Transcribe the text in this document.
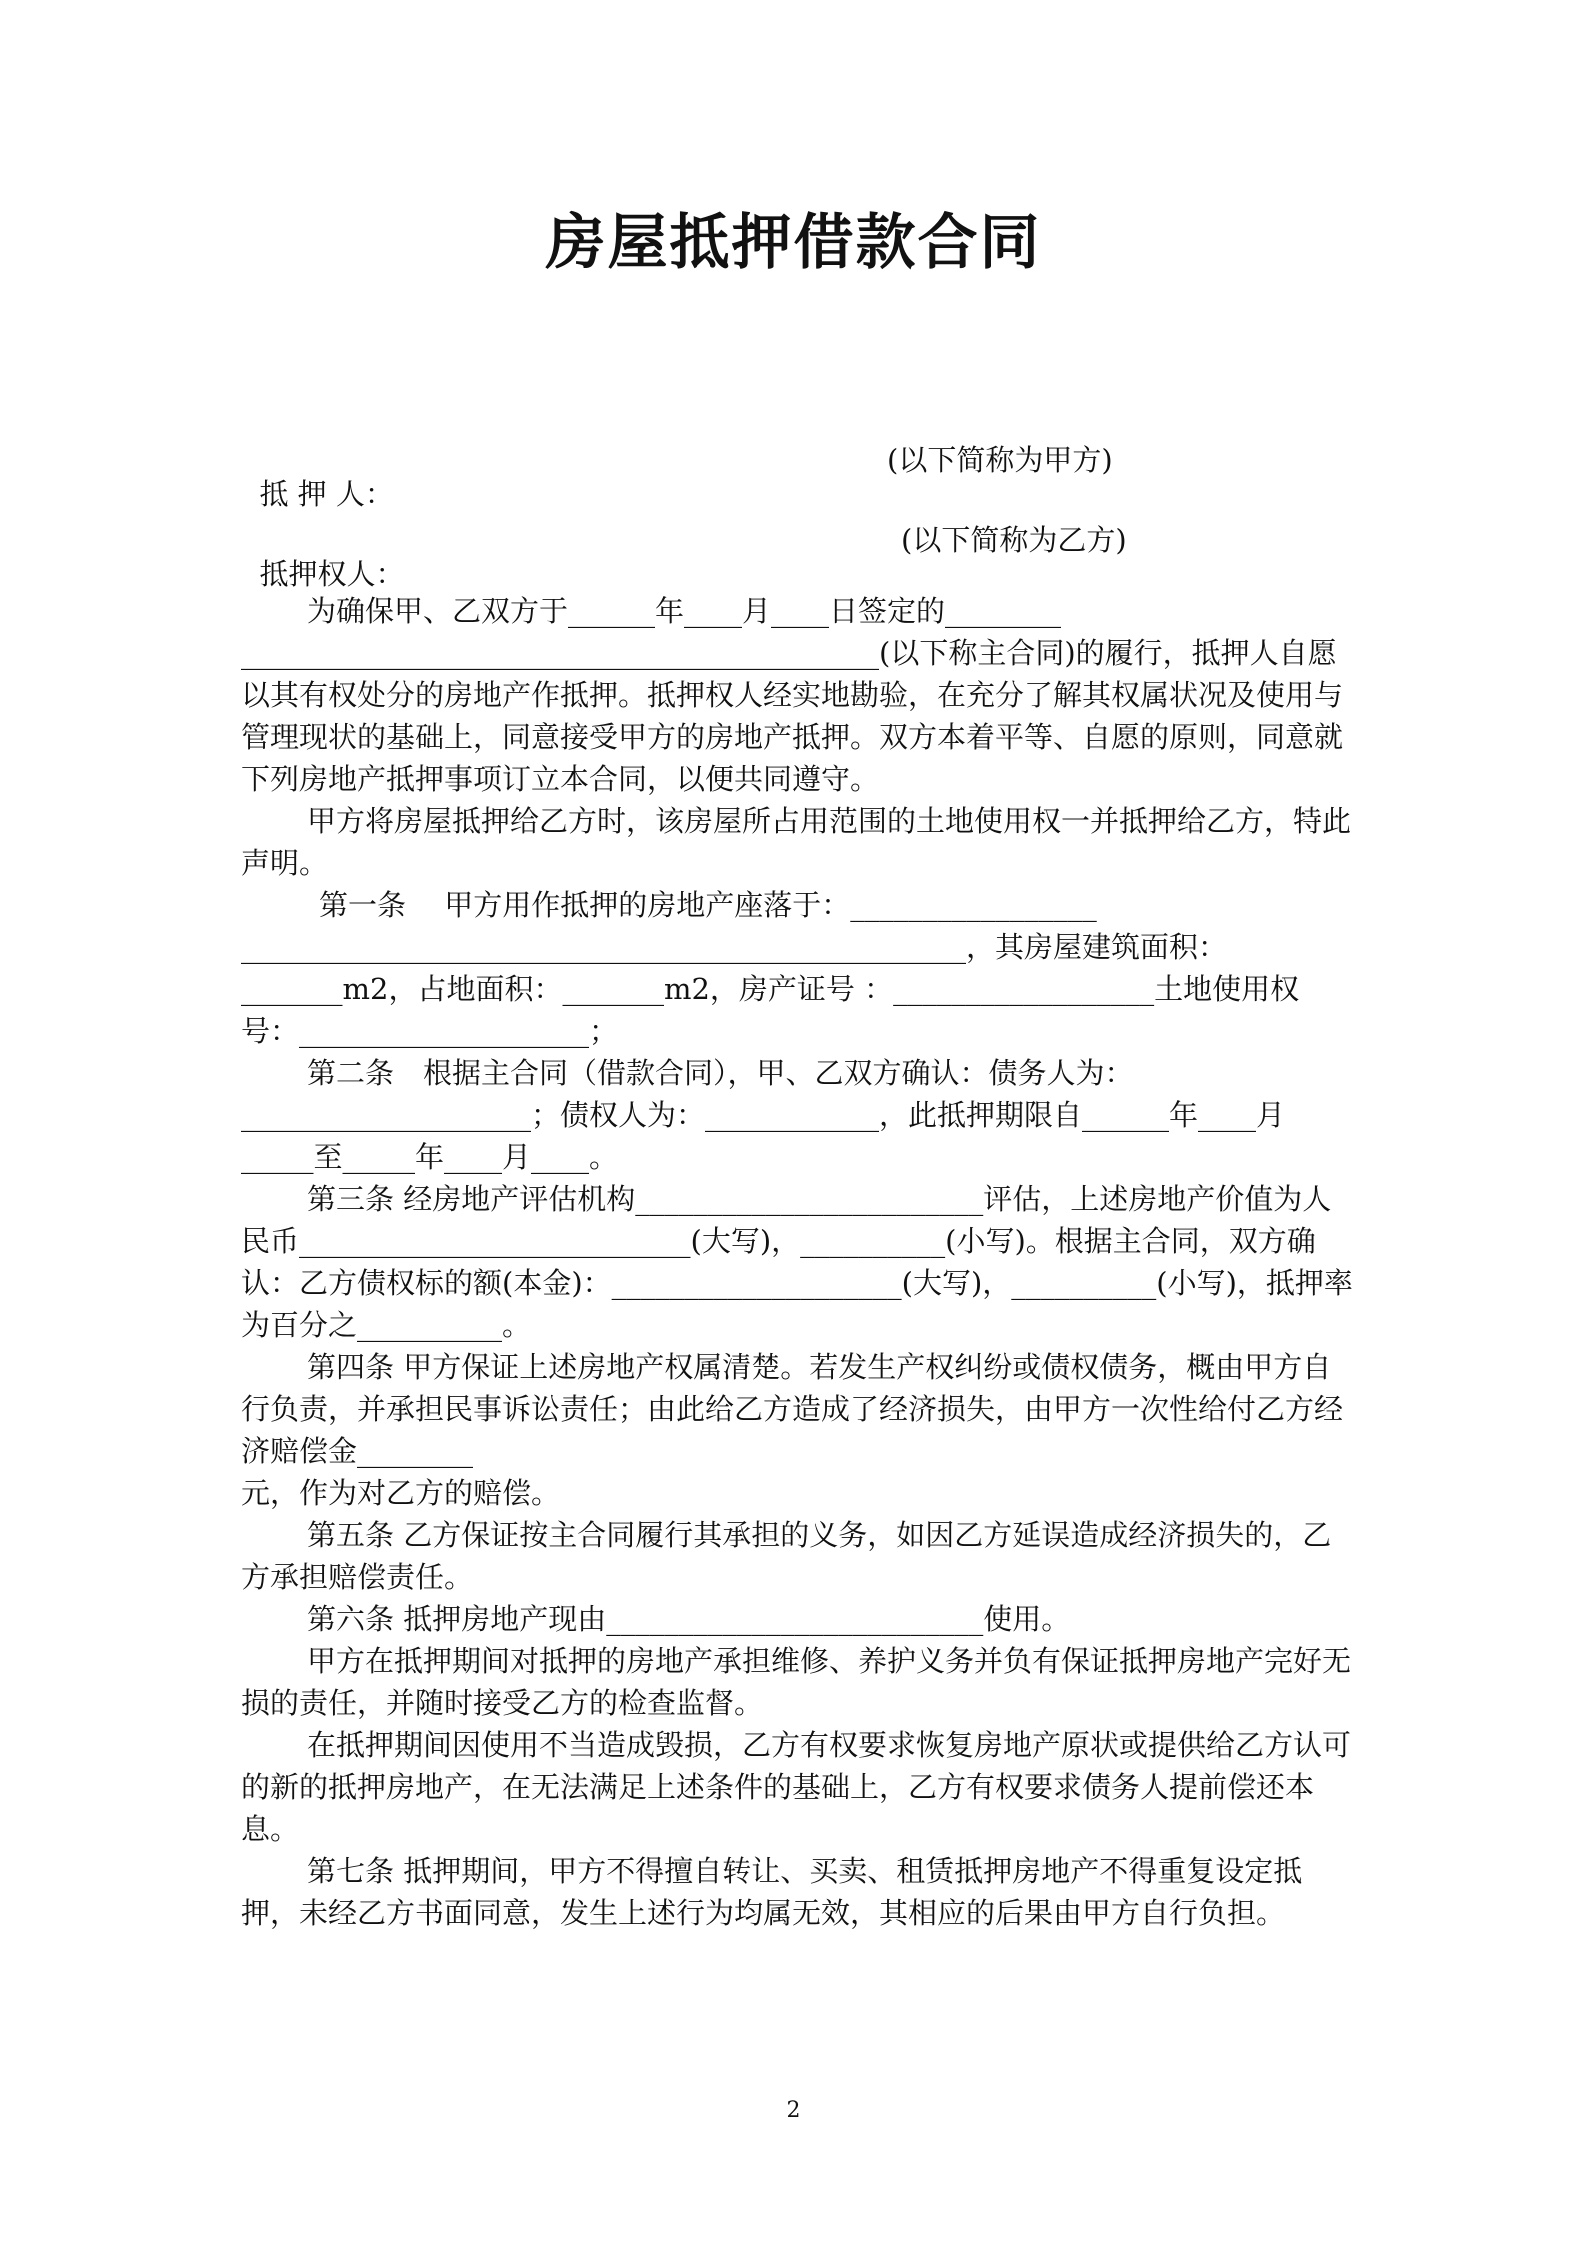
房屋抵押借款合同

抵 押 人：

(以下简称为甲方)

抵押权人：

(以下简称为乙方)

为确保甲、乙双方于______年____月____日签定的________

____________________________________________(以下称主合同)的履行，抵押人自愿以其有权处分的房地产作抵押。抵押权人经实地勘验，在充分了解其权属状况及使用与管理现状的基础上，同意接受甲方的房地产抵押。双方本着平等、自愿的原则，同意就下列房地产抵押事项订立本合同，以便共同遵守。

甲方将房屋抵押给乙方时，该房屋所占用范围的土地使用权一并抵押给乙方，特此声明。

第一条　 甲方用作抵押的房地产座落于：_________________

__________________________________________________，其房屋建筑面积：_______m2，占地面积：_______m2，房产证号 ：__________________土地使用权号：____________________；

第二条　根据主合同（借款合同），甲、乙双方确认：债务人为：____________________；债权人为：____________，此抵押期限自______年____月_____至_____年____月____。

第三条 经房地产评估机构________________________评估，上述房地产价值为人民币___________________________(大写)，__________(小写)。根据主合同，双方确认：乙方债权标的额(本金)：____________________(大写)，__________(小写)，抵押率为百分之__________。

第四条 甲方保证上述房地产权属清楚。若发生产权纠纷或债权债务，概由甲方自行负责，并承担民事诉讼责任；由此给乙方造成了经济损失，由甲方一次性给付乙方经济赔偿金________

元，作为对乙方的赔偿。

第五条 乙方保证按主合同履行其承担的义务，如因乙方延误造成经济损失的，乙方承担赔偿责任。

第六条 抵押房地产现由__________________________使用。

甲方在抵押期间对抵押的房地产承担维修、养护义务并负有保证抵押房地产完好无损的责任，并随时接受乙方的检查监督。

在抵押期间因使用不当造成毁损，乙方有权要求恢复房地产原状或提供给乙方认可的新的抵押房地产，在无法满足上述条件的基础上，乙方有权要求债务人提前偿还本息。

第七条 抵押期间，甲方不得擅自转让、买卖、租赁抵押房地产不得重复设定抵押，未经乙方书面同意，发生上述行为均属无效，其相应的后果由甲方自行负担。

2
